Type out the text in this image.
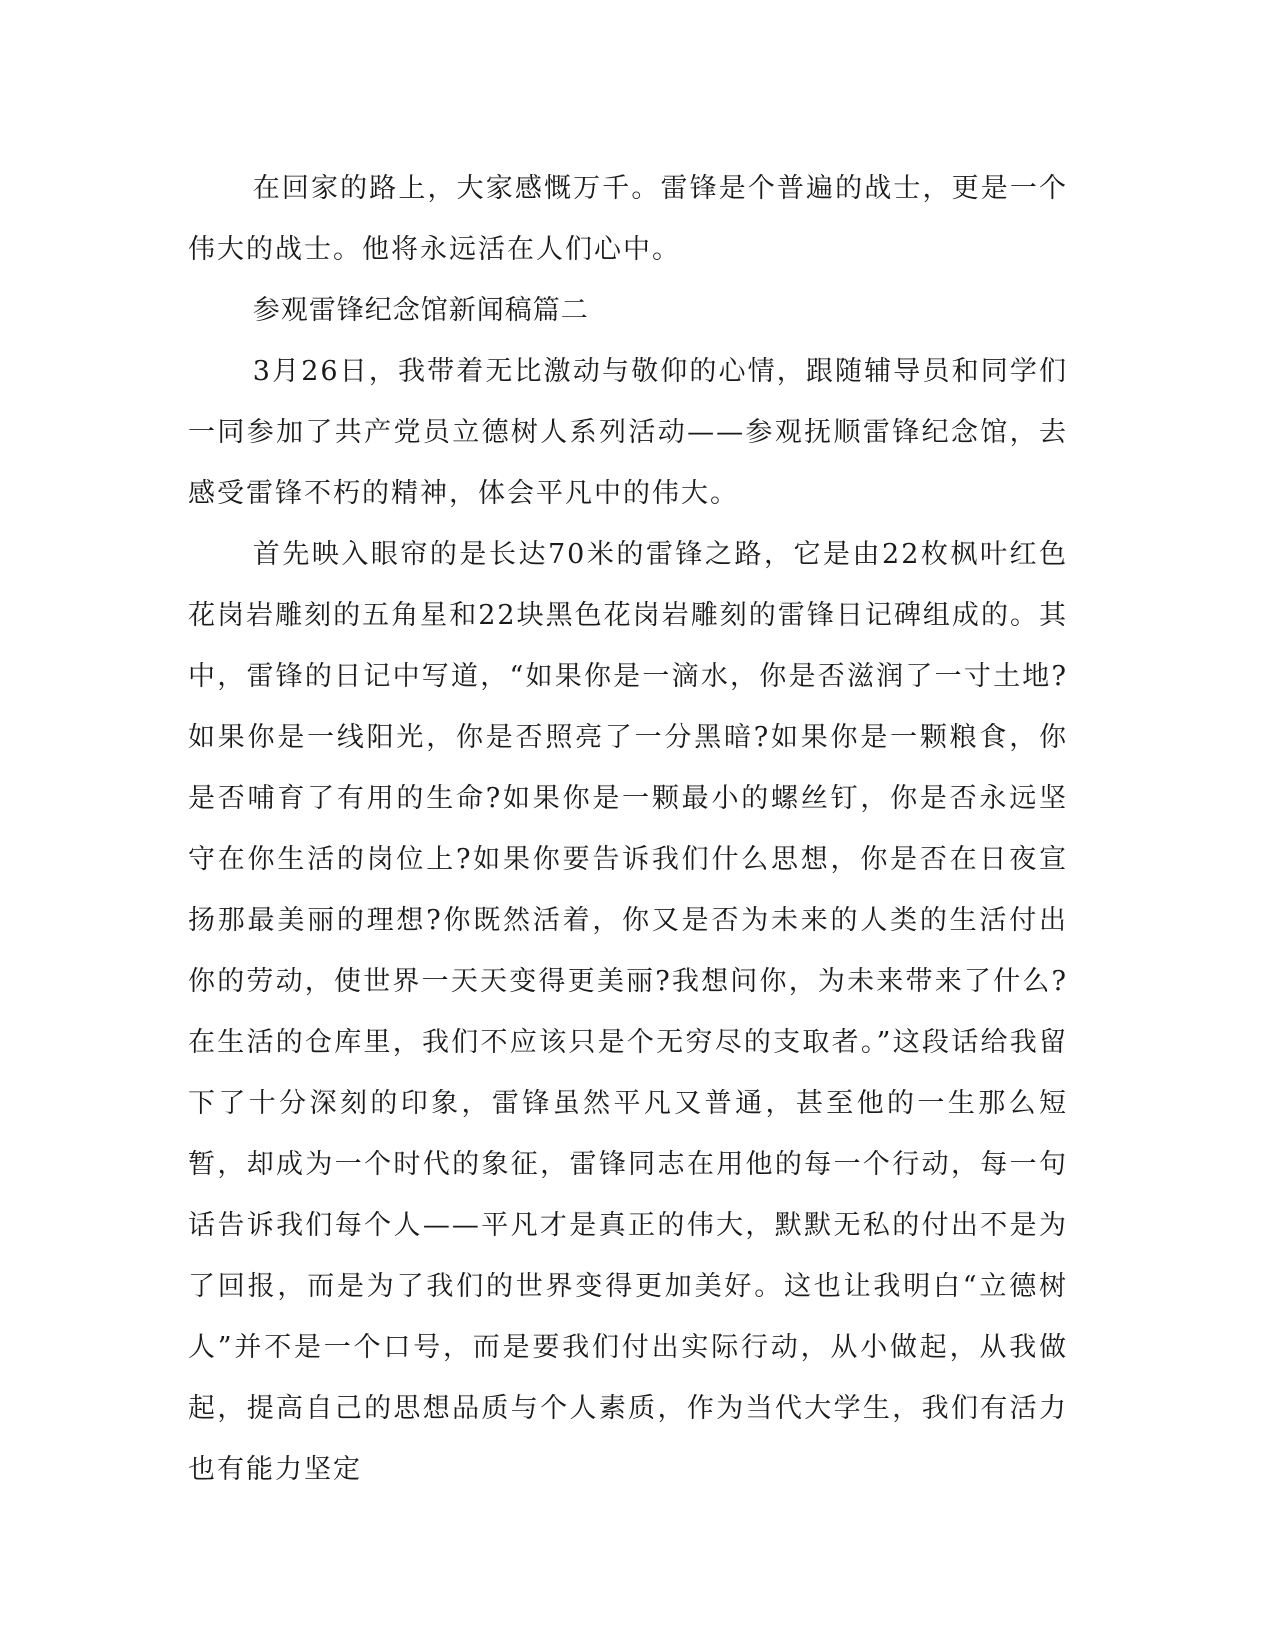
在回家的路上，大家感慨万千。雷锋是个普遍的战士，更是一个伟大的战士。他将永远活在人们心中。

参观雷锋纪念馆新闻稿篇二

3月26日，我带着无比激动与敬仰的心情，跟随辅导员和同学们一同参加了共产党员立德树人系列活动——参观抚顺雷锋纪念馆，去感受雷锋不朽的精神，体会平凡中的伟大。

首先映入眼帘的是长达70米的雷锋之路，它是由22枚枫叶红色花岗岩雕刻的五角星和22块黑色花岗岩雕刻的雷锋日记碑组成的。其中，雷锋的日记中写道，“如果你是一滴水，你是否滋润了一寸土地?如果你是一线阳光，你是否照亮了一分黑暗?如果你是一颗粮食，你是否哺育了有用的生命?如果你是一颗最小的螺丝钉，你是否永远坚守在你生活的岗位上?如果你要告诉我们什么思想，你是否在日夜宣扬那最美丽的理想?你既然活着，你又是否为未来的人类的生活付出你的劳动，使世界一天天变得更美丽?我想问你，为未来带来了什么?在生活的仓库里，我们不应该只是个无穷尽的支取者。”这段话给我留下了十分深刻的印象，雷锋虽然平凡又普通，甚至他的一生那么短暂，却成为一个时代的象征，雷锋同志在用他的每一个行动，每一句话告诉我们每个人——平凡才是真正的伟大，默默无私的付出不是为了回报，而是为了我们的世界变得更加美好。这也让我明白“立德树人”并不是一个口号，而是要我们付出实际行动，从小做起，从我做起，提高自己的思想品质与个人素质，作为当代大学生，我们有活力也有能力坚定
